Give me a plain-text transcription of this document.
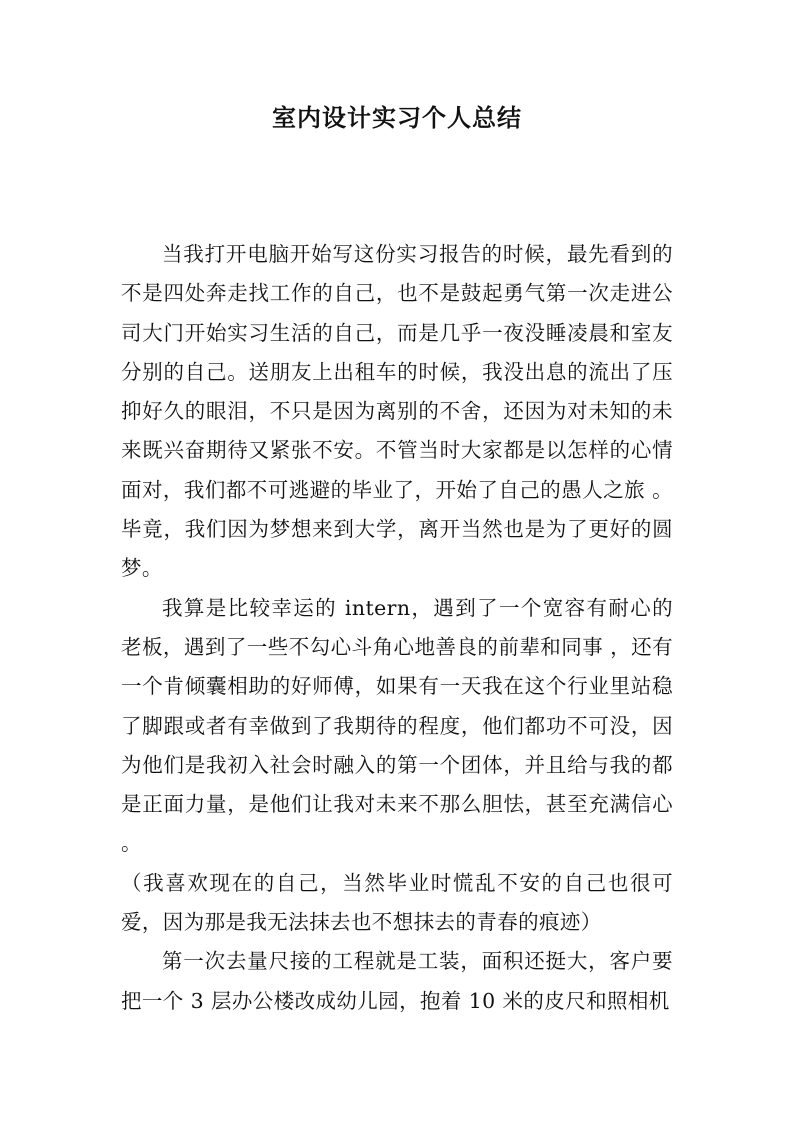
室内设计实习个人总结

当我打开电脑开始写这份实习报告的时候，最先看到的不是四处奔走找工作的自己，也不是鼓起勇气第一次走进公司大门开始实习生活的自己，而是几乎一夜没睡凌晨和室友分别的自己。送朋友上出租车的时候，我没出息的流出了压抑好久的眼泪，不只是因为离别的不舍，还因为对未知的未来既兴奋期待又紧张不安。不管当时大家都是以怎样的心情面对，我们都不可逃避的毕业了，开始了自己的愚人之旅 。毕竟，我们因为梦想来到大学，离开当然也是为了更好的圆梦。

我算是比较幸运的 intern，遇到了一个宽容有耐心的老板，遇到了一些不勾心斗角心地善良的前辈和同事 ，还有一个肯倾囊相助的好师傅，如果有一天我在这个行业里站稳了脚跟或者有幸做到了我期待的程度，他们都功不可没，因为他们是我初入社会时融入的第一个团体，并且给与我的都是正面力量，是他们让我对未来不那么胆怯，甚至充满信心 。

（我喜欢现在的自己，当然毕业时慌乱不安的自己也很可爱，因为那是我无法抹去也不想抹去的青春的痕迹）

第一次去量尺接的工程就是工装，面积还挺大，客户要把一个 3 层办公楼改成幼儿园，抱着 10 米的皮尺和照相机
